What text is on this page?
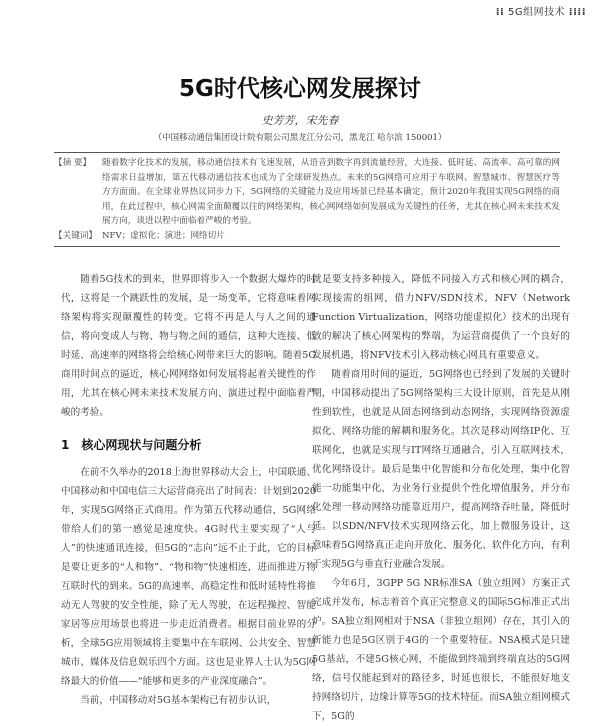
⁞⁞ 5G组网技术 ⁞⁞⁞⁞
5G时代核心网发展探讨
史芳芳，宋先春
（中国移动通信集团设计院有限公司黑龙江分公司，黑龙江 哈尔滨 150001）
【摘 要】	随着数字化技术的发展，移动通信技术有飞速发展，从语音到数字再到流量经营，大连接、低时延、高流率、高可靠的网络需求日益增加，第五代移动通信技术也成为了全球研发热点。未来的5G网络可应用于车联网、智慧城市、智慧医疗等方方面面。在全球业界热议同步力下，5G网络的关键能力及应用场景已经基本确定，预计2020年我国实现5G网络的商用，在此过程中，核心网需全面颠覆以往的网络架构，核心网网络如何发展成为关键性的任务，尤其在核心网未来技术发展方向，谈进以程中面临着严峻的考验。
【关键词】 NFV；虚拟化；演进；网络切片

随着5G技术的到来，世界即将步入一个数据大爆炸的时代，这将是一个跳跃性的发展，是一场变革，它将意味着网络架构将实现颠覆性的转变。它将不再是人与人之间的通信，将向变成人与物、物与物之间的通信，这种大连接、低时延、高速率的网络将会给核心网带来巨大的影响。随着5G商用时间点的逼近，核心网网络如何发展将起着关键性的作用，尤其在核心网未来技术发展方向、演进过程中面临着严峻的考验。

1　核心网现状与问题分析

在前不久举办的2018上海世界移动大会上，中国联通、中国移动和中国电信三大运营商亮出了时间表：计划到2020年，实现5G网络正式商用。作为第五代移动通信，5G网络带给人们的第一感觉是速度快。4G时代主要实现了“人与人”的快速通讯连接，但5G的“志向”远不止于此，它的目标是要让更多的“人和物”、“物和物”快速相连，进而推进万物互联时代的到来。5G的高速率、高稳定性和低时延特性将推动无人驾驶的安全性能，除了无人驾驶，在远程操控、智能家居等应用场景也将进一步走近消费者。根据目前业界的分析，全球5G应用领域将主要集中在车联网、公共安全、智慧城市、媒体及信息娱乐四个方面。这也是业界人士认为5G网络最大的价值——“能够和更多的产业深度融合”。

当前，中国移动对5G基本架构已有初步认识，

就是要支持多种接入，降低不同接入方式和核心网的耦合，实现接需的组网，借力NFV/SDN技术，NFV（Network Function Virtualization，网络功能虚拟化）技术的出现有效的解决了核心网架构的弊端，为运营商提供了一个良好的发展机遇，将NFV技术引入移动核心网具有重要意义。

随着商用时间的逼近，5G网络也已经到了发展的关键时期，中国移动提出了5G网络架构三大设计原则，首先是从刚性到软性，也就是从固态网络到动态网络，实现网络资源虚拟化、网络功能的解耦和服务化。其次是移动网络IP化、互联网化，也就是实现与IT网络互通融合，引入互联网技术，优化网络设计。最后是集中化智能和分布化处理，集中化智能一功能集中化，为业务行业提供个性化增值服务，并分布化处理一移动网络功能靠近用户，提高网络吞吐量，降低时延。以SDN/NFV技术实现网络云化，加上微服务设计，这意味着5G网络真正走向开放化、服务化、软件化方向，有利于实现5G与垂直行业融合发展。

今年6月，3GPP 5G NR标准SA（独立组网）方案正式完成并发布，标志着首个真正完整意义的国际5G标准正式出炉。SA独立组网相对于NSA（非独立组网）存在，其引入的新能力也是5G区别于4G的一个重要特征。NSA模式是只建5G基站，不建5G核心网，不能做到终端到终端直达的5G网络，信号仅能起到对的路径多，时延也很长，不能很好地支持网络切片，边缘计算等5G的技术特征。而SA独立组网模式下，5G的
